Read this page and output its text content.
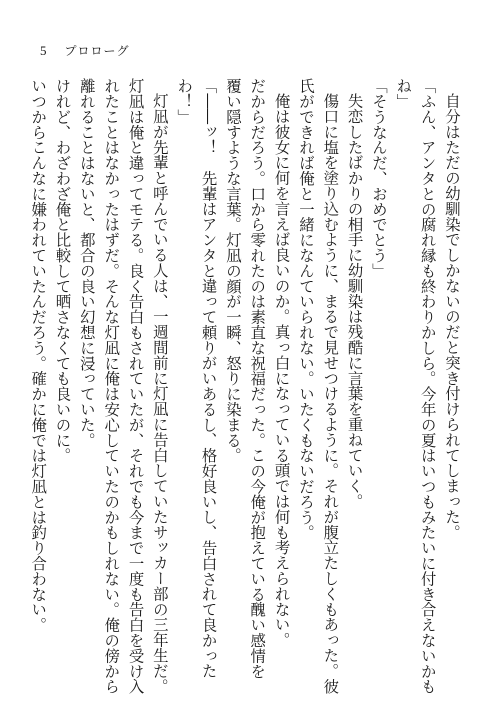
5 プロローグ
自分はただの幼馴染でしかないのだと突き付けられてしまった。
「ふん、アンタとの腐れ縁も終わりかしら。今年の夏はいつもみたいに付き合えないかも
ね」
「そうなんだ、おめでとう」
失恋したばかりの相手に幼馴染は残酷に言葉を重ねていく。
傷口に塩を塗り込むように、まるで見せつけるように。それが腹立たしくもあった。彼
氏ができれば俺と一緒になんていられない。いたくもないだろう。
俺は彼女に何を言えば良いのか。真っ白になっている頭では何も考えられない。
だからだろう。口から零れたのは素直な祝福だった。この今俺が抱えている醜い感情を
覆い隠すような言葉。灯凪の顔が一瞬、怒りに染まる。
「――ッ！　先輩はアンタと違って頼りがいあるし、格好良いし、告白されて良かった
わ！」
灯凪が先輩と呼んでいる人は、一週間前に灯凪に告白していたサッカー部の三年生だ。
灯凪は俺と違ってモテる。良く告白もされていたが、それでも今まで一度も告白を受け入
れたことはなかったはずだ。そんな灯凪に俺は安心していたのかもしれない。俺の傍から
離れることはないと、都合の良い幻想に浸っていた。
けれど、わざわざ俺と比較して晒さなくても良いのに。
いつからこんなに嫌われていたんだろう。確かに俺では灯凪とは釣り合わない。
